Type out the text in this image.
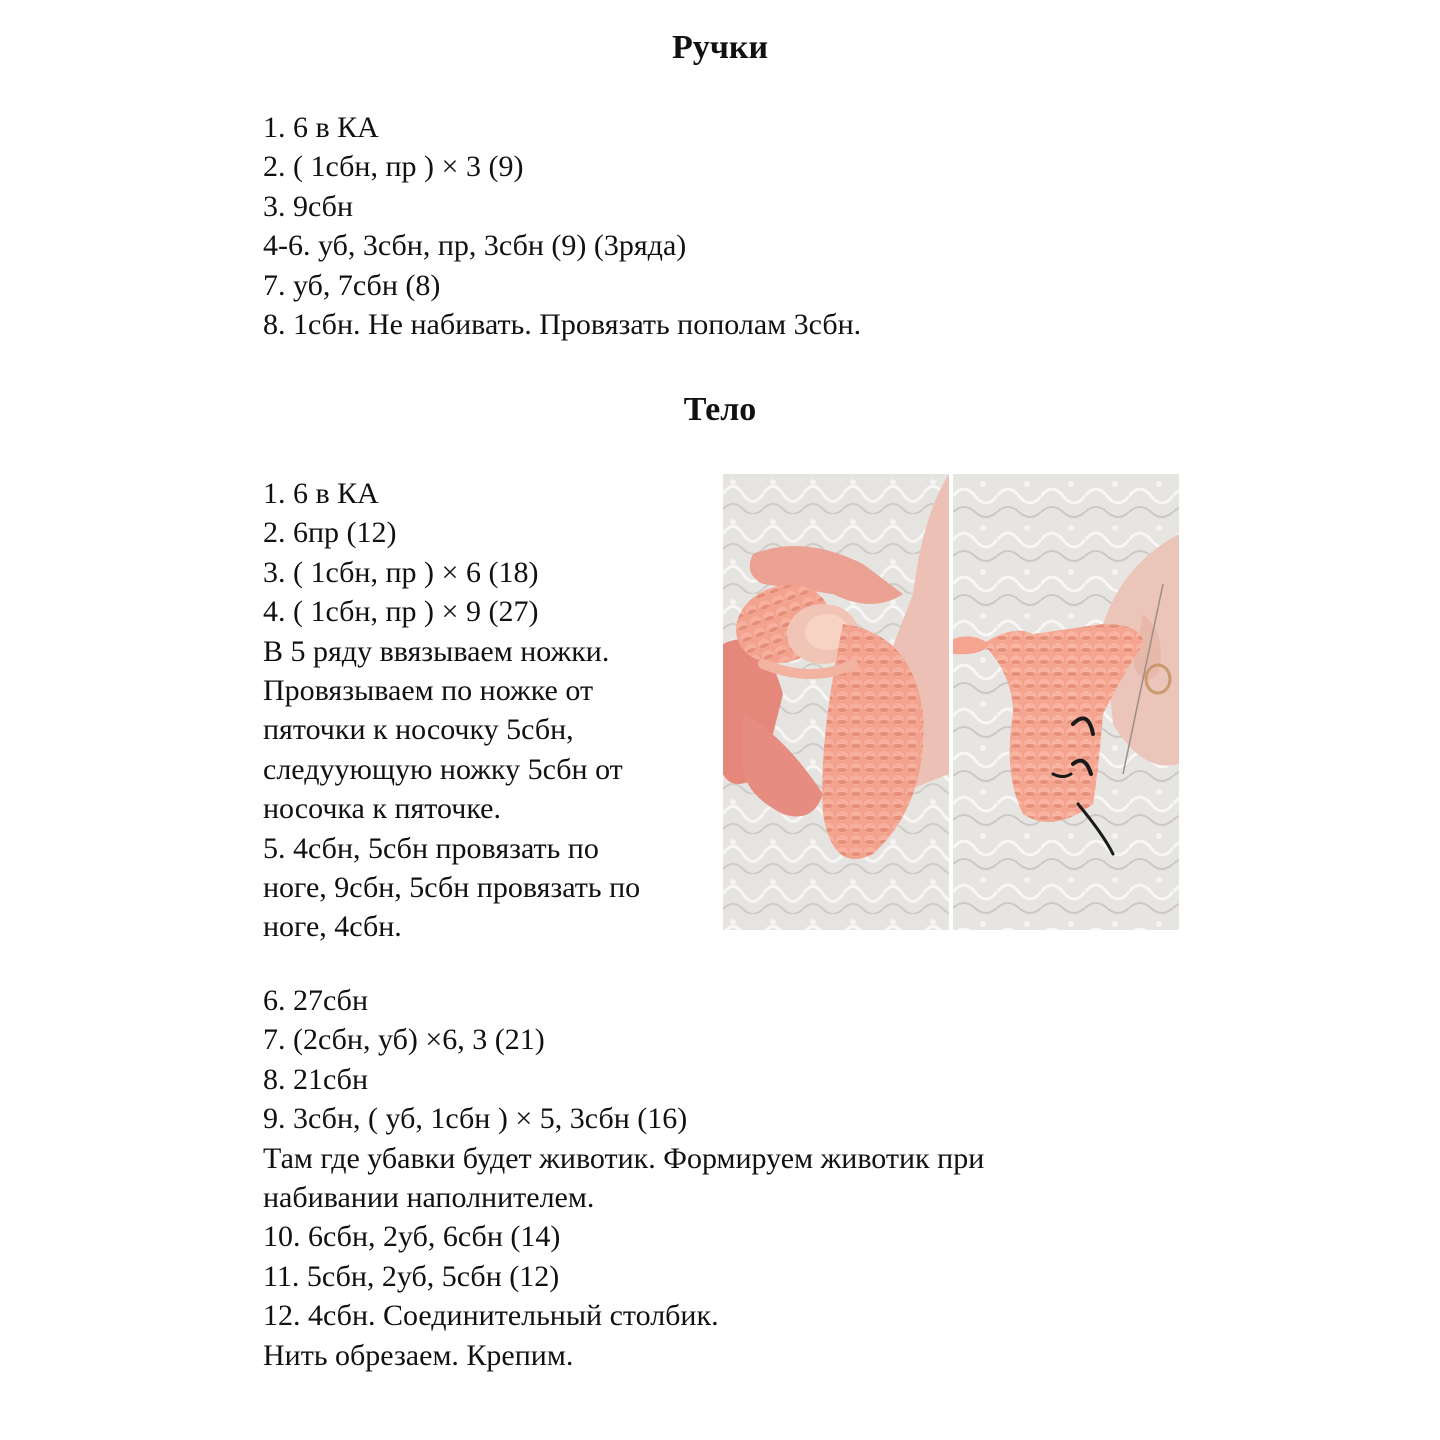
Ручки
1. 6 в КА
2. ( 1сбн, пр ) × 3 (9)
3. 9сбн
4-6. уб, 3сбн, пр, 3сбн (9) (3ряда)
7. уб, 7сбн (8)
8. 1сбн. Не набивать. Провязать пополам 3сбн.
Тело
1. 6 в КА
2. 6пр (12)
3. ( 1сбн, пр ) × 6 (18)
4. ( 1сбн, пр ) × 9 (27)
В 5 ряду ввязываем ножки.
Провязываем по ножке от
пяточки к носочку 5сбн,
следуующую ножку 5сбн от
носочка к пяточке.
5. 4сбн, 5сбн провязать по
ноге, 9сбн, 5сбн провязать по
ноге, 4сбн.
6. 27сбн
7. (2сбн, уб) ×6, 3 (21)
8. 21сбн
9. 3сбн, ( уб, 1сбн ) × 5, 3сбн (16)
Там где убавки будет животик. Формируем животик при
набивании наполнителем.
10. 6сбн, 2уб, 6сбн (14)
11. 5сбн, 2уб, 5сбн (12)
12. 4сбн. Соединительный столбик.
Нить обрезаем. Крепим.
